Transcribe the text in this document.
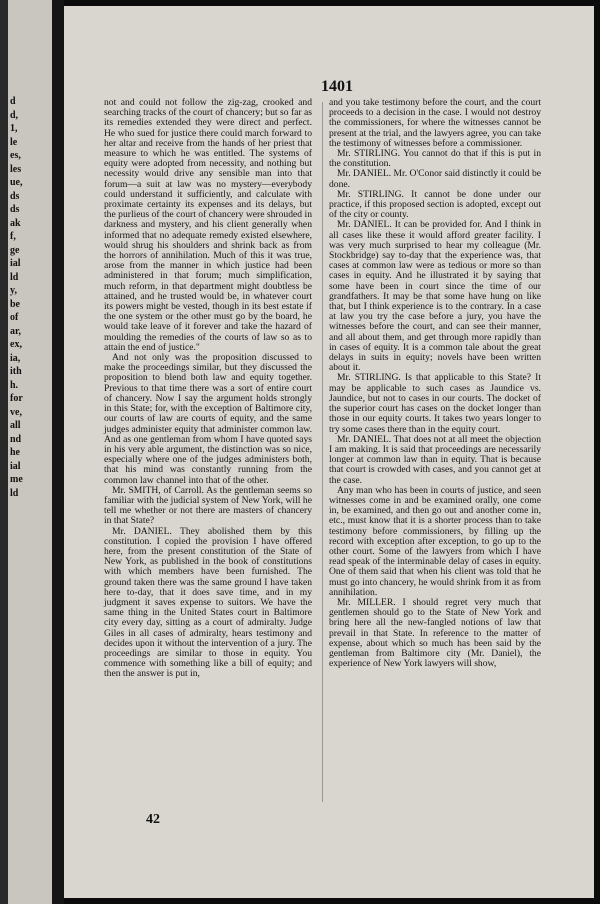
d
d,
1,
le
es,
les
ue,
ds
ds
ak
f,
ge
ial
ld
y,
be
of
ar,
ex,
ia,
ith
h.
for
ve,
all
nd
he
ial
me
ld
1401

not and could not follow the zig-zag, crooked and searching tracks of the court of chancery; but so far as its remedies extended they were direct and perfect. He who sued for justice there could march forward to her altar and receive from the hands of her priest that measure to which he was entitled. The systems of equity were adopted from necessity, and nothing but necessity would drive any sensible man into that forum—a suit at law was no mystery—everybody could understand it sufficiently, and calculate with proximate certainty its expenses and its delays, but the purlieus of the court of chancery were shrouded in darkness and mystery, and his client generally when informed that no adequate remedy existed elsewhere, would shrug his shoulders and shrink back as from the horrors of annihilation. Much of this it was true, arose from the manner in which justice had been administered in that forum; much simplification, much reform, in that department might doubtless be attained, and he trusted would be, in whatever court its powers might be vested, though in its best estate if the one system or the other must go by the board, he would take leave of it forever and take the hazard of moulding the remedies of the courts of law so as to attain the end of justice."

And not only was the proposition discussed to make the proceedings similar, but they discussed the proposition to blend both law and equity together. Previous to that time there was a sort of entire court of chancery. Now I say the argument holds strongly in this State; for, with the exception of Baltimore city, our courts of law are courts of equity, and the same judges administer equity that administer common law. And as one gentleman from whom I have quoted says in his very able argument, the distinction was so nice, especially where one of the judges administers both, that his mind was constantly running from the common law channel into that of the other.

Mr. SMITH, of Carroll. As the gentleman seems so familiar with the judicial system of New York, will he tell me whether or not there are masters of chancery in that State?

Mr. DANIEL. They abolished them by this constitution. I copied the provision I have offered here, from the present constitution of the State of New York, as published in the book of constitutions with which members have been furnished. The ground taken there was the same ground I have taken here to-day, that it does save time, and in my judgment it saves expense to suitors. We have the same thing in the United States court in Baltimore city every day, sitting as a court of admiralty. Judge Giles in all cases of admiralty, hears testimony and decides upon it without the intervention of a jury. The proceedings are similar to those in equity. You commence with something like a bill of equity; and then the answer is put in,

and you take testimony before the court, and the court proceeds to a decision in the case. I would not destroy the commissioners, for where the witnesses cannot be present at the trial, and the lawyers agree, you can take the testimony of witnesses before a commissioner.

Mr. STIRLING. You cannot do that if this is put in the constitution.

Mr. DANIEL. Mr. O'Conor said distinctly it could be done.

Mr. STIRLING. It cannot be done under our practice, if this proposed section is adopted, except out of the city or county.

Mr. DANIEL. It can be provided for. And I think in all cases like these it would afford greater facility. I was very much surprised to hear my colleague (Mr. Stockbridge) say to-day that the experience was, that cases at common law were as tedious or more so than cases in equity. And he illustrated it by saying that some have been in court since the time of our grandfathers. It may be that some have hung on like that, but I think experience is to the contrary. In a case at law you try the case before a jury, you have the witnesses before the court, and can see their manner, and all about them, and get through more rapidly than in cases of equity. It is a common tale about the great delays in suits in equity; novels have been written about it.

Mr. STIRLING. Is that applicable to this State? It may be applicable to such cases as Jaundice vs. Jaundice, but not to cases in our courts. The docket of the superior court has cases on the docket longer than those in our equity courts. It takes two years longer to try some cases there than in the equity court.

Mr. DANIEL. That does not at all meet the objection I am making. It is said that proceedings are necessarily longer at common law than in equity. That is because that court is crowded with cases, and you cannot get at the case.

Any man who has been in courts of justice, and seen witnesses come in and be examined orally, one come in, be examined, and then go out and another come in, etc., must know that it is a shorter process than to take testimony before commissioners, by filling up the record with exception after exception, to go up to the other court. Some of the lawyers from which I have read speak of the interminable delay of cases in equity. One of them said that when his client was told that he must go into chancery, he would shrink from it as from annihilation.

Mr. MILLER. I should regret very much that gentlemen should go to the State of New York and bring here all the new-fangled notions of law that prevail in that State. In reference to the matter of expense, about which so much has been said by the gentleman from Baltimore city (Mr. Daniel), the experience of New York lawyers will show,

42
